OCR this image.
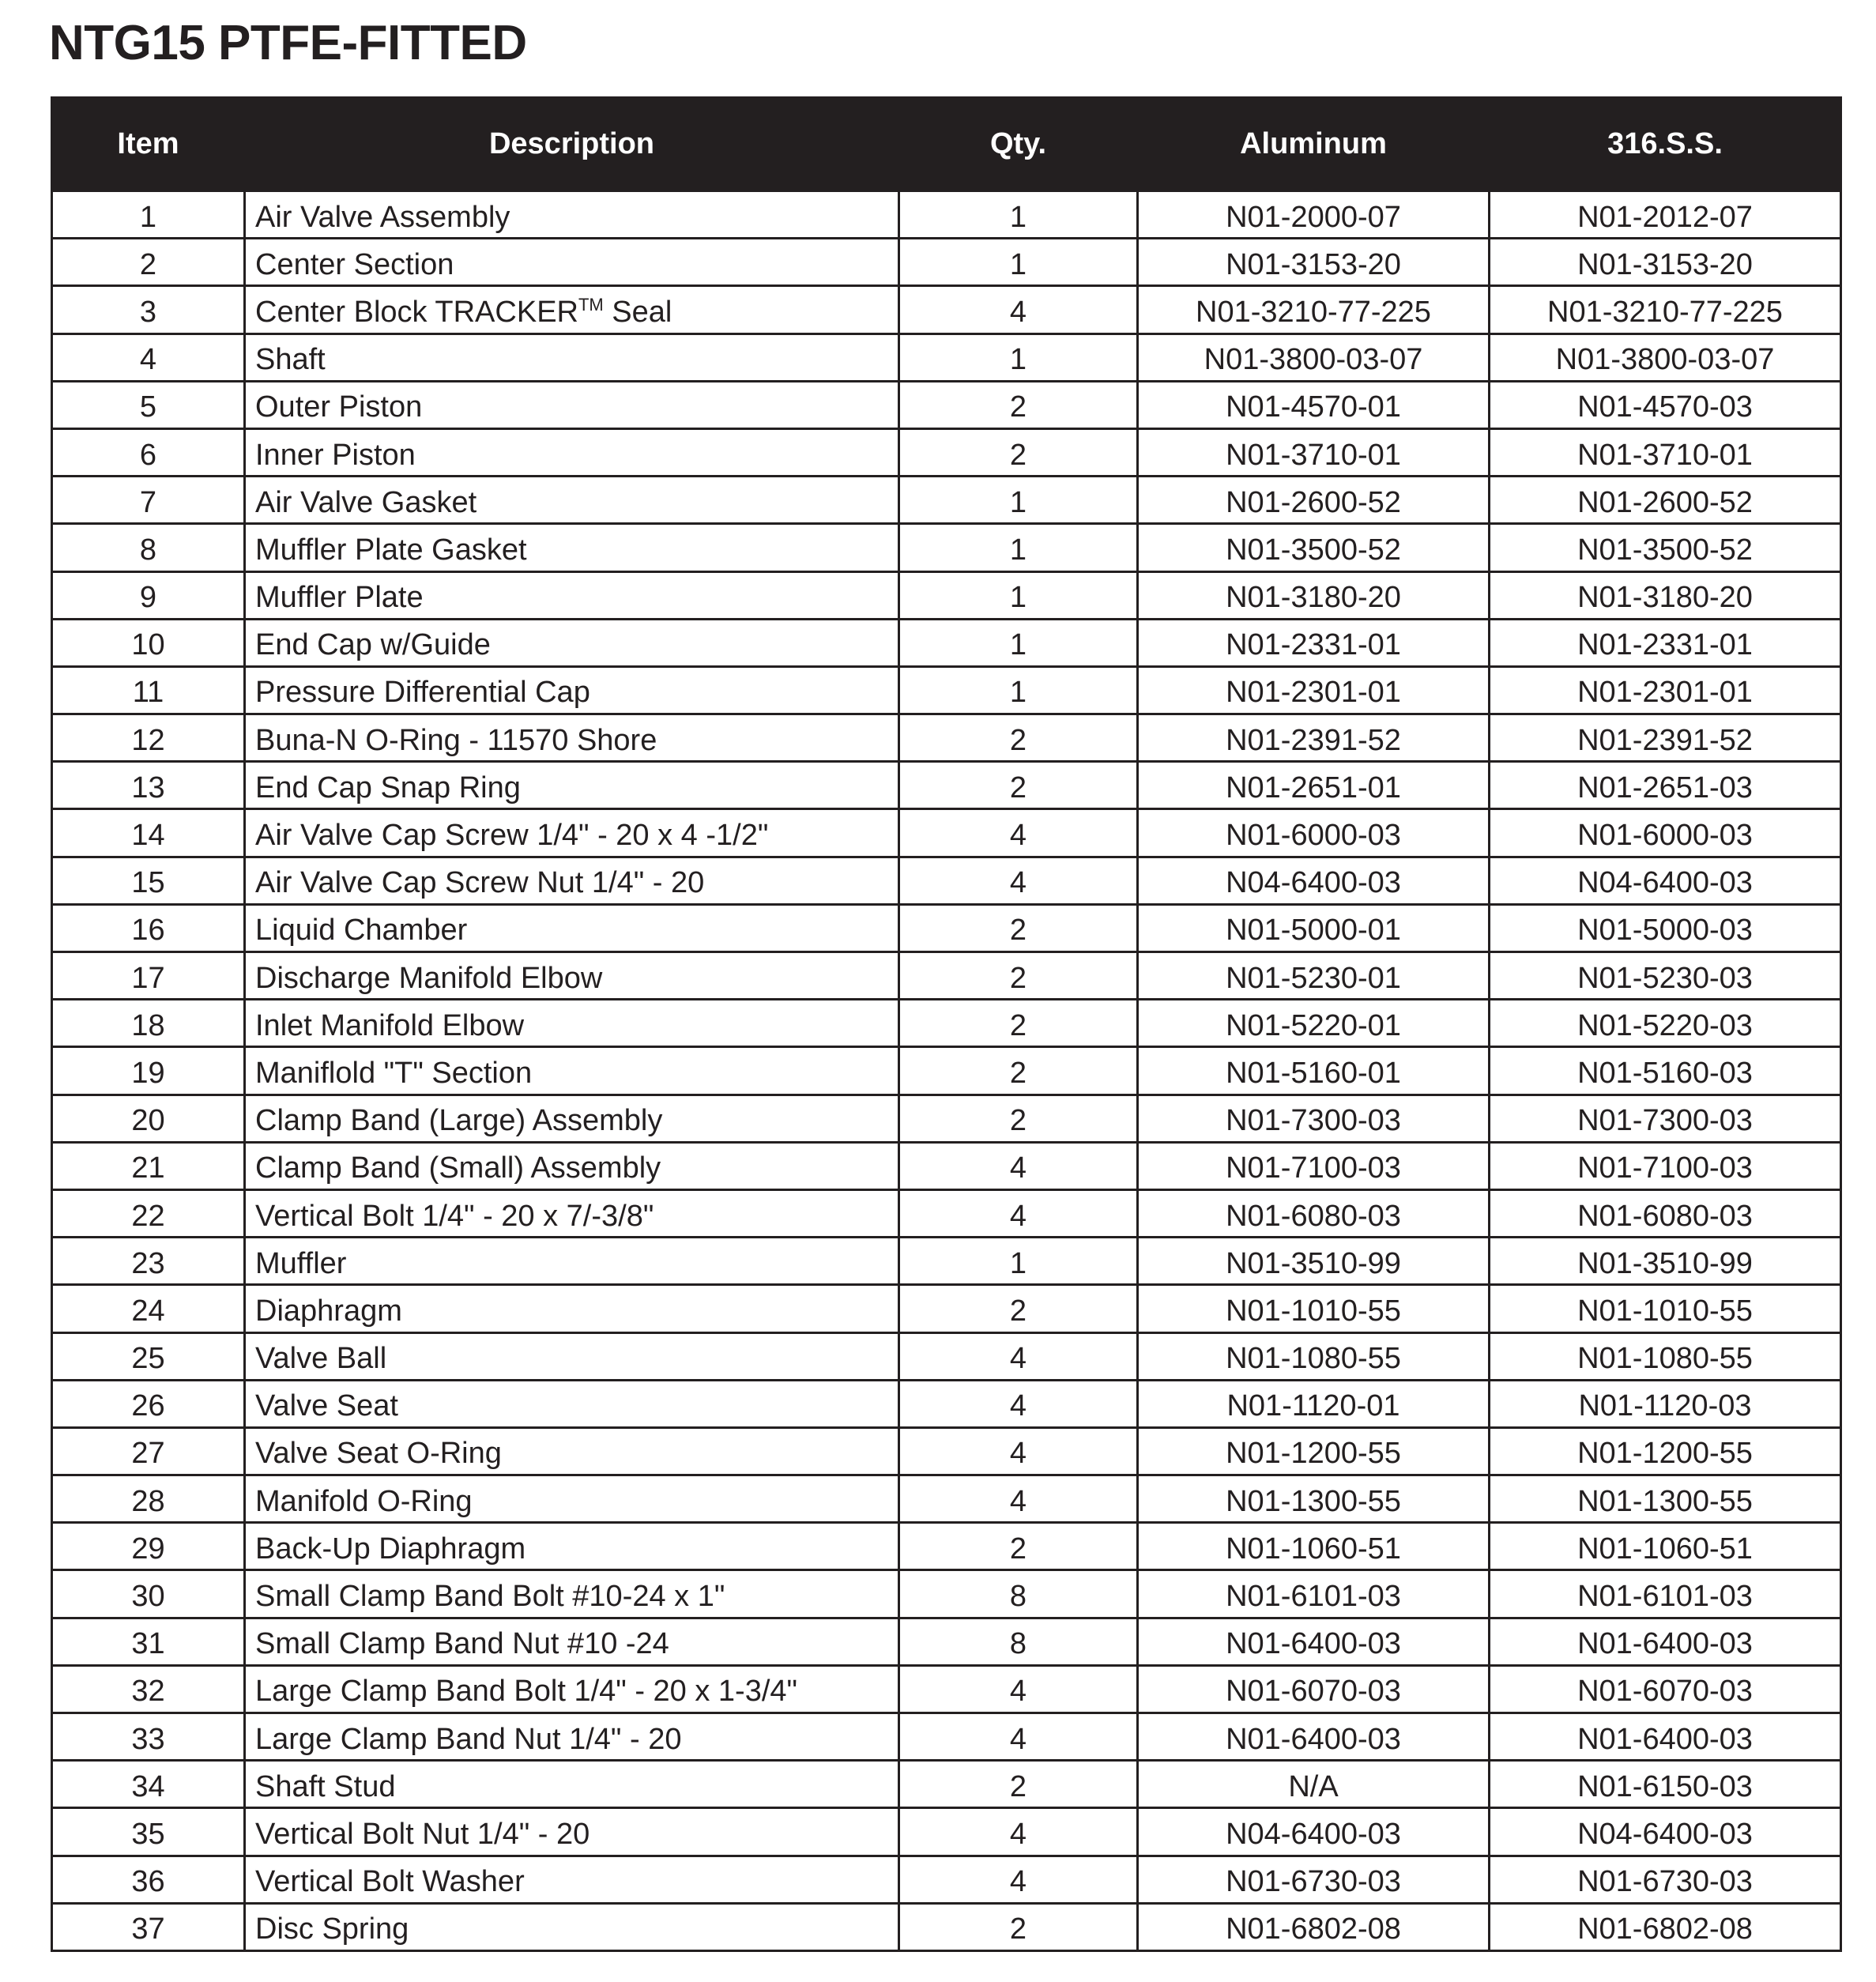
NTG15 PTFE-FITTED
Item	Description	Qty.	Aluminum	316.S.S.
1	Air Valve Assembly	1	N01-2000-07	N01-2012-07
2	Center Section	1	N01-3153-20	N01-3153-20
3	Center Block TRACKER™ Seal	4	N01-3210-77-225	N01-3210-77-225
4	Shaft	1	N01-3800-03-07	N01-3800-03-07
5	Outer Piston	2	N01-4570-01	N01-4570-03
6	Inner Piston	2	N01-3710-01	N01-3710-01
7	Air Valve Gasket	1	N01-2600-52	N01-2600-52
8	Muffler Plate Gasket	1	N01-3500-52	N01-3500-52
9	Muffler Plate	1	N01-3180-20	N01-3180-20
10	End Cap w/Guide	1	N01-2331-01	N01-2331-01
11	Pressure Differential Cap	1	N01-2301-01	N01-2301-01
12	Buna-N O-Ring - 11570 Shore	2	N01-2391-52	N01-2391-52
13	End Cap Snap Ring	2	N01-2651-01	N01-2651-03
14	Air Valve Cap Screw 1/4" - 20 x 4 -1/2"	4	N01-6000-03	N01-6000-03
15	Air Valve Cap Screw Nut 1/4" - 20	4	N04-6400-03	N04-6400-03
16	Liquid Chamber	2	N01-5000-01	N01-5000-03
17	Discharge Manifold Elbow	2	N01-5230-01	N01-5230-03
18	Inlet Manifold Elbow	2	N01-5220-01	N01-5220-03
19	Maniflold "T" Section	2	N01-5160-01	N01-5160-03
20	Clamp Band (Large) Assembly	2	N01-7300-03	N01-7300-03
21	Clamp Band (Small) Assembly	4	N01-7100-03	N01-7100-03
22	Vertical Bolt 1/4" - 20 x 7/-3/8"	4	N01-6080-03	N01-6080-03
23	Muffler	1	N01-3510-99	N01-3510-99
24	Diaphragm	2	N01-1010-55	N01-1010-55
25	Valve Ball	4	N01-1080-55	N01-1080-55
26	Valve Seat	4	N01-1120-01	N01-1120-03
27	Valve Seat O-Ring	4	N01-1200-55	N01-1200-55
28	Manifold O-Ring	4	N01-1300-55	N01-1300-55
29	Back-Up Diaphragm	2	N01-1060-51	N01-1060-51
30	Small Clamp Band Bolt #10-24 x 1"	8	N01-6101-03	N01-6101-03
31	Small Clamp Band Nut #10 -24	8	N01-6400-03	N01-6400-03
32	Large Clamp Band Bolt 1/4" - 20 x 1-3/4"	4	N01-6070-03	N01-6070-03
33	Large Clamp Band Nut 1/4" - 20	4	N01-6400-03	N01-6400-03
34	Shaft Stud	2	N/A	N01-6150-03
35	Vertical Bolt Nut 1/4" - 20	4	N04-6400-03	N04-6400-03
36	Vertical Bolt Washer	4	N01-6730-03	N01-6730-03
37	Disc Spring	2	N01-6802-08	N01-6802-08
